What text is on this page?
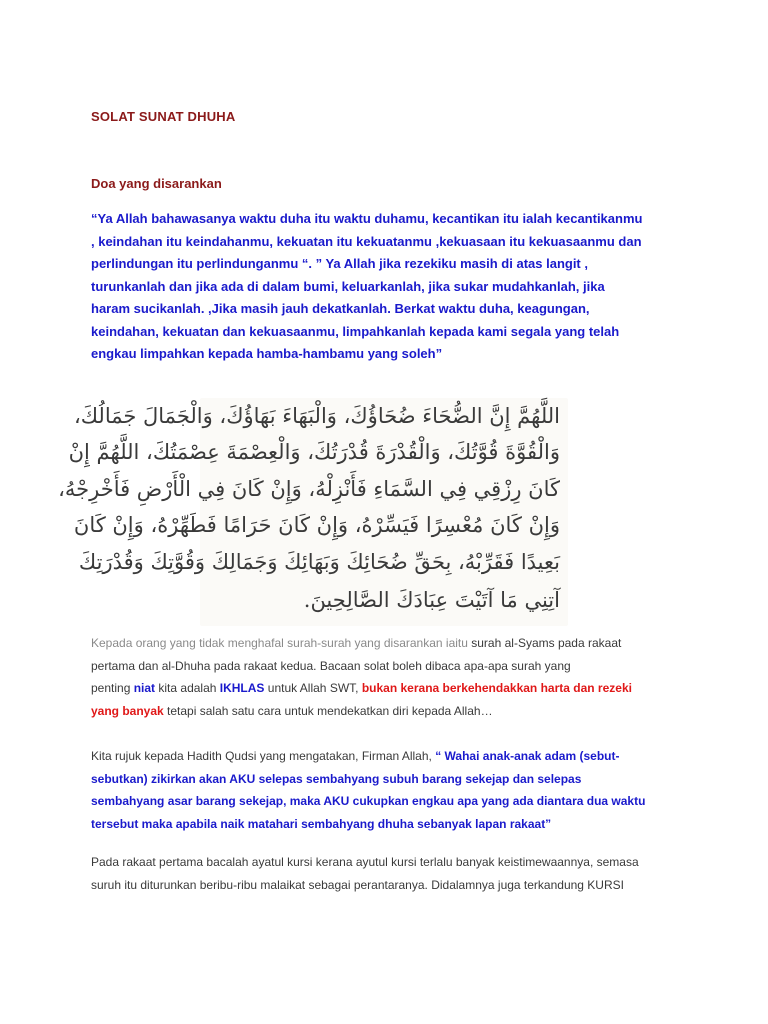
SOLAT SUNAT DHUHA
Doa yang disarankan

“Ya Allah bahawasanya waktu duha itu waktu duhamu, kecantikan itu ialah kecantikanmu
, keindahan itu keindahanmu, kekuatan itu kekuatanmu ,kekuasaan itu kekuasaanmu dan
perlindungan itu perlindunganmu “. ” Ya Allah jika rezekiku masih di atas langit ,
turunkanlah dan jika ada di dalam bumi, keluarkanlah, jika sukar mudahkanlah, jika
haram sucikanlah. ,Jika masih jauh dekatkanlah. Berkat waktu duha, keagungan,
keindahan, kekuatan dan kekuasaanmu, limpahkanlah kepada kami segala yang telah
engkau limpahkan kepada hamba-hambamu yang soleh”

اللَّهُمَّ إِنَّ الضُّحَاءَ ضُحَاؤُكَ، وَالْبَهَاءَ بَهَاؤُكَ، وَالْجَمَالَ جَمَالُكَ،
وَالْقُوَّةَ قُوَّتُكَ، وَالْقُدْرَةَ قُدْرَتُكَ، وَالْعِصْمَةَ عِصْمَتُكَ، اللَّهُمَّ إِنْ
كَانَ رِزْقِي فِي السَّمَاءِ فَأَنْزِلْهُ، وَإِنْ كَانَ فِي الْأَرْضِ فَأَخْرِجْهُ،
وَإِنْ كَانَ مُعْسِرًا فَيَسِّرْهُ، وَإِنْ كَانَ حَرَامًا فَطَهِّرْهُ، وَإِنْ كَانَ
بَعِيدًا فَقَرِّبْهُ، بِحَقِّ ضُحَائِكَ وَبَهَائِكَ وَجَمَالِكَ وَقُوَّتِكَ وَقُدْرَتِكَ
آتِنِي مَا آتَيْتَ عِبَادَكَ الصَّالِحِينَ.

Kepada orang yang tidak menghafal surah-surah yang disarankan iaitu surah al-Syams pada rakaat
pertama dan al-Dhuha pada rakaat kedua. Bacaan solat boleh dibaca apa-apa surah yang
penting niat kita adalah IKHLAS untuk Allah SWT, bukan kerana berkehendakkan harta dan rezeki
yang banyak tetapi salah satu cara untuk mendekatkan diri kepada Allah…

Kita rujuk kepada Hadith Qudsi yang mengatakan, Firman Allah, “ Wahai anak-anak adam (sebut-
sebutkan) zikirkan akan AKU selepas sembahyang subuh barang sekejap dan selepas
sembahyang asar barang sekejap, maka AKU cukupkan engkau apa yang ada diantara dua waktu
tersebut maka apabila naik matahari sembahyang dhuha sebanyak lapan rakaat”

Pada rakaat pertama bacalah ayatul kursi kerana ayutul kursi terlalu banyak keistimewaannya, semasa
suruh itu diturunkan beribu-ribu malaikat sebagai perantaranya. Didalamnya juga terkandung KURSI
